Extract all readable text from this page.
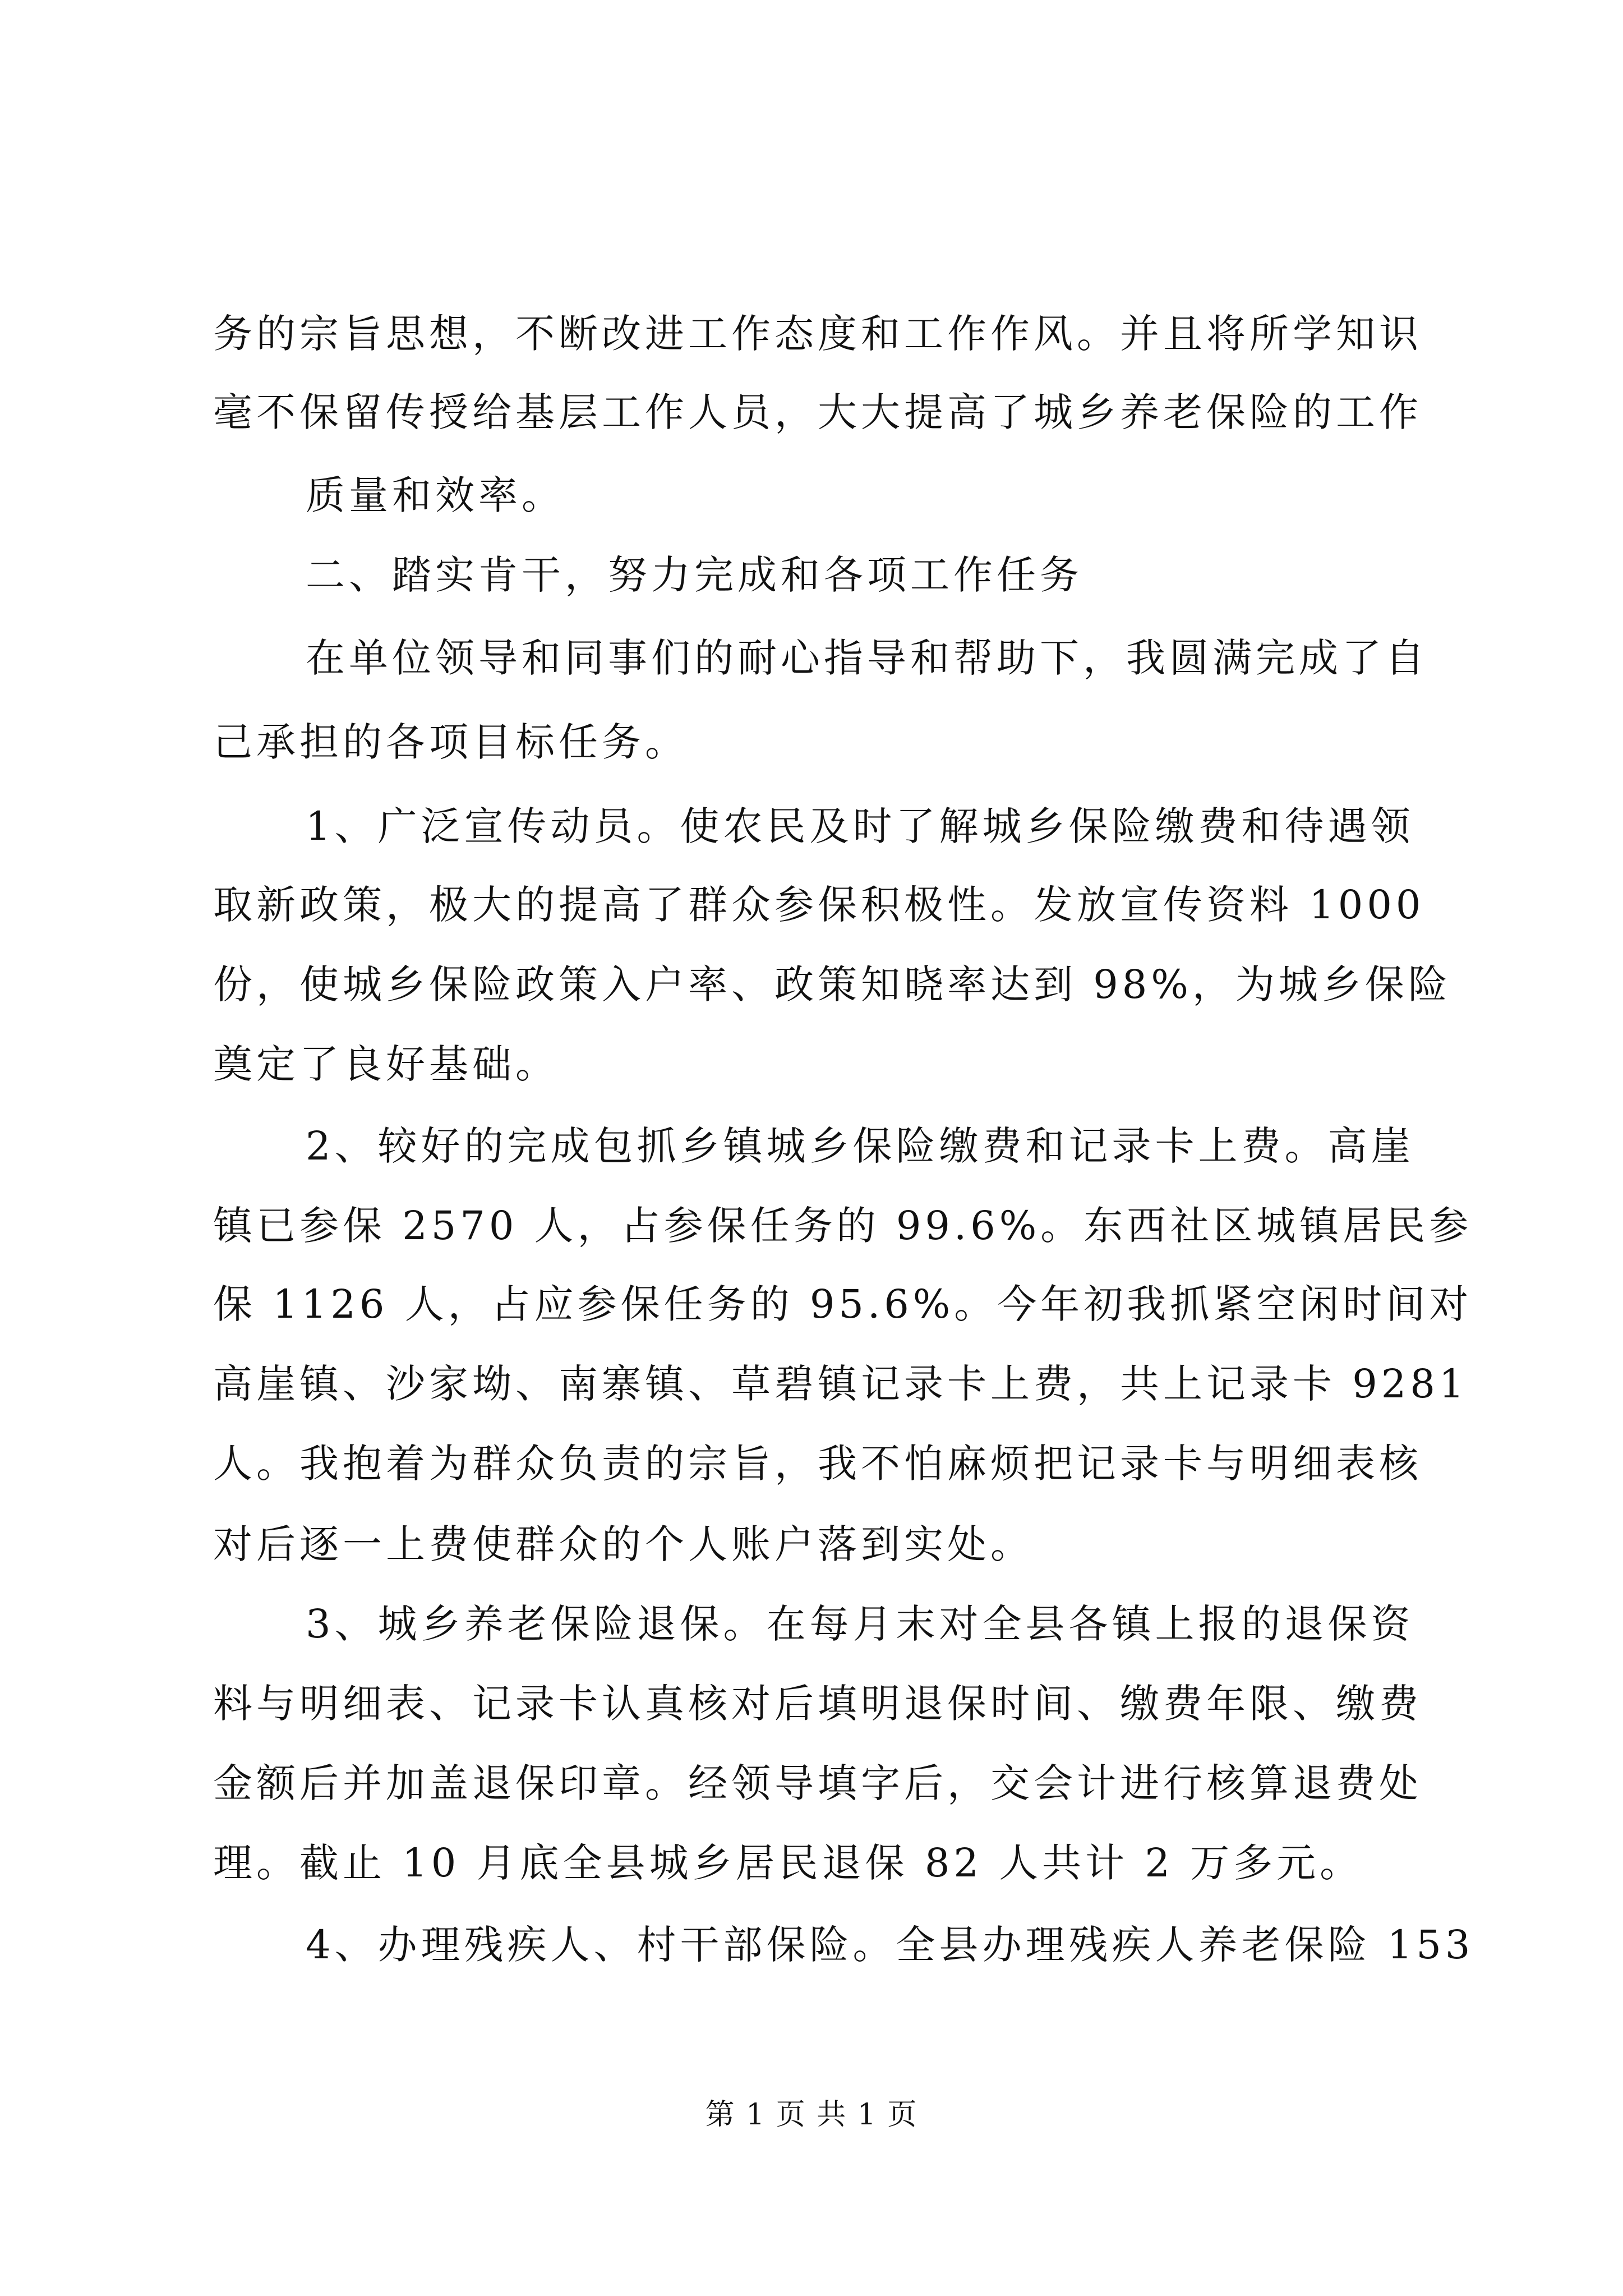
务的宗旨思想，不断改进工作态度和工作作风。并且将所学知识
毫不保留传授给基层工作人员，大大提高了城乡养老保险的工作
质量和效率。
二、踏实肯干，努力完成和各项工作任务
在单位领导和同事们的耐心指导和帮助下，我圆满完成了自
己承担的各项目标任务。
1、广泛宣传动员。使农民及时了解城乡保险缴费和待遇领
取新政策，极大的提高了群众参保积极性。发放宣传资料 1000
份，使城乡保险政策入户率、政策知晓率达到 98%，为城乡保险
奠定了良好基础。
2、较好的完成包抓乡镇城乡保险缴费和记录卡上费。高崖
镇已参保 2570 人，占参保任务的 99.6%。东西社区城镇居民参
保 1126 人，占应参保任务的 95.6%。今年初我抓紧空闲时间对
高崖镇、沙家坳、南寨镇、草碧镇记录卡上费，共上记录卡 9281
人。我抱着为群众负责的宗旨，我不怕麻烦把记录卡与明细表核
对后逐一上费使群众的个人账户落到实处。
3、城乡养老保险退保。在每月末对全县各镇上报的退保资
料与明细表、记录卡认真核对后填明退保时间、缴费年限、缴费
金额后并加盖退保印章。经领导填字后，交会计进行核算退费处
理。截止 10 月底全县城乡居民退保 82 人共计 2 万多元。
4、办理残疾人、村干部保险。全县办理残疾人养老保险 153
第 1 页 共 1 页
